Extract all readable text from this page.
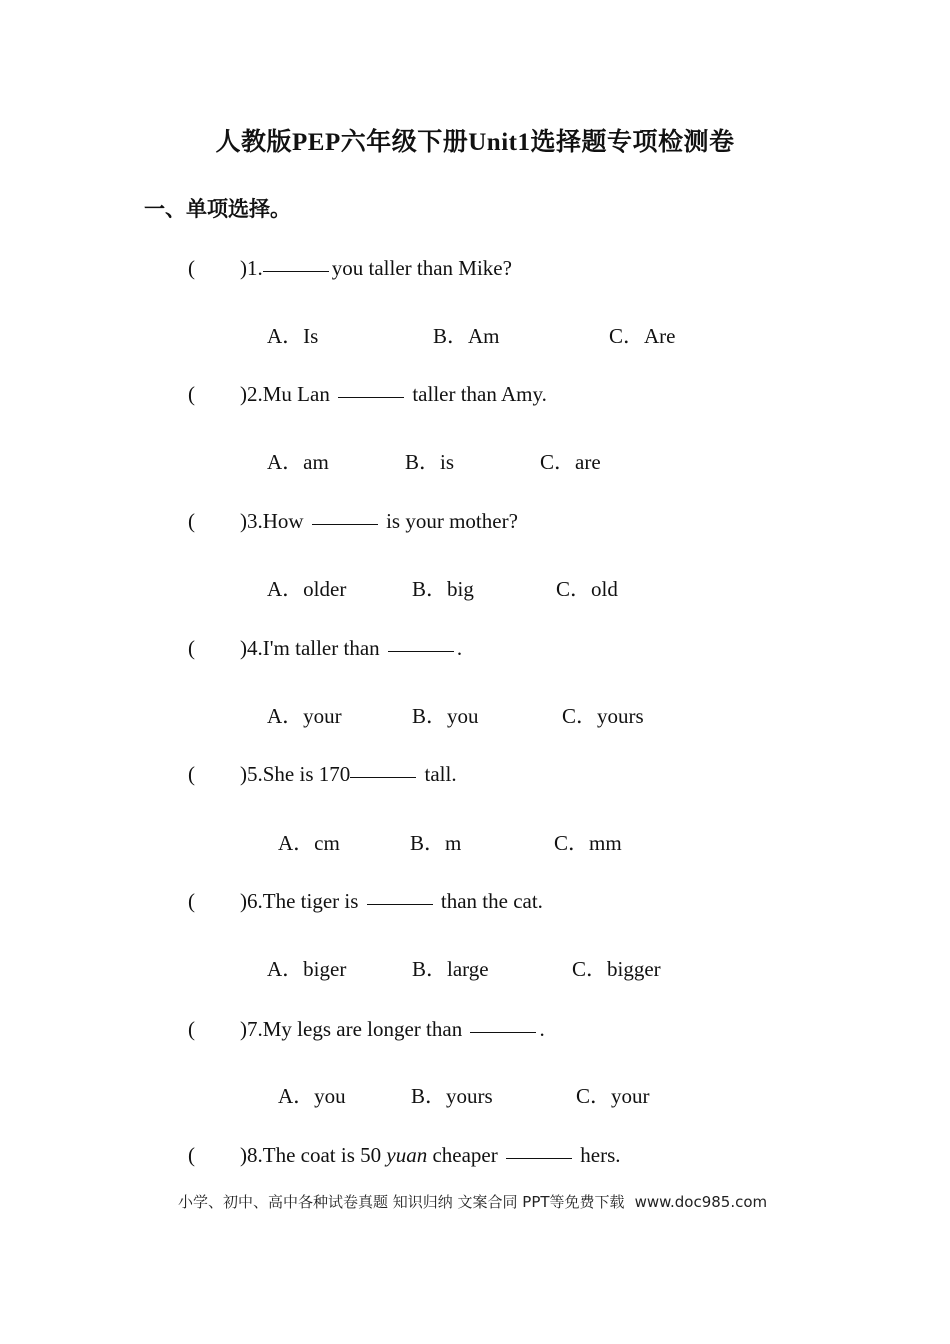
人教版PEP六年级下册Unit1选择题专项检测卷
一、单项选择。
( )1.	you taller than Mike?
A．Is	B．Am	C．Are
( )2.Mu Lan	taller than Amy.
A．am	B．is	C．are
( )3.How	is your mother?
A．older	B．big	C．old
( )4.I'm taller than	.
A．your	B．you	C．yours
( )5.She is 170	tall.
A．cm	B．m	C．mm
( )6.The tiger is	than the cat.
A．biger	B．large	C．bigger
( )7.My legs are longer than	.
A．you	B．yours	C．your
( )8.The coat is 50 yuan cheaper	hers.
小学、初中、高中各种试卷真题 知识归纳 文案合同 PPT等免费下载 www.doc985.com
